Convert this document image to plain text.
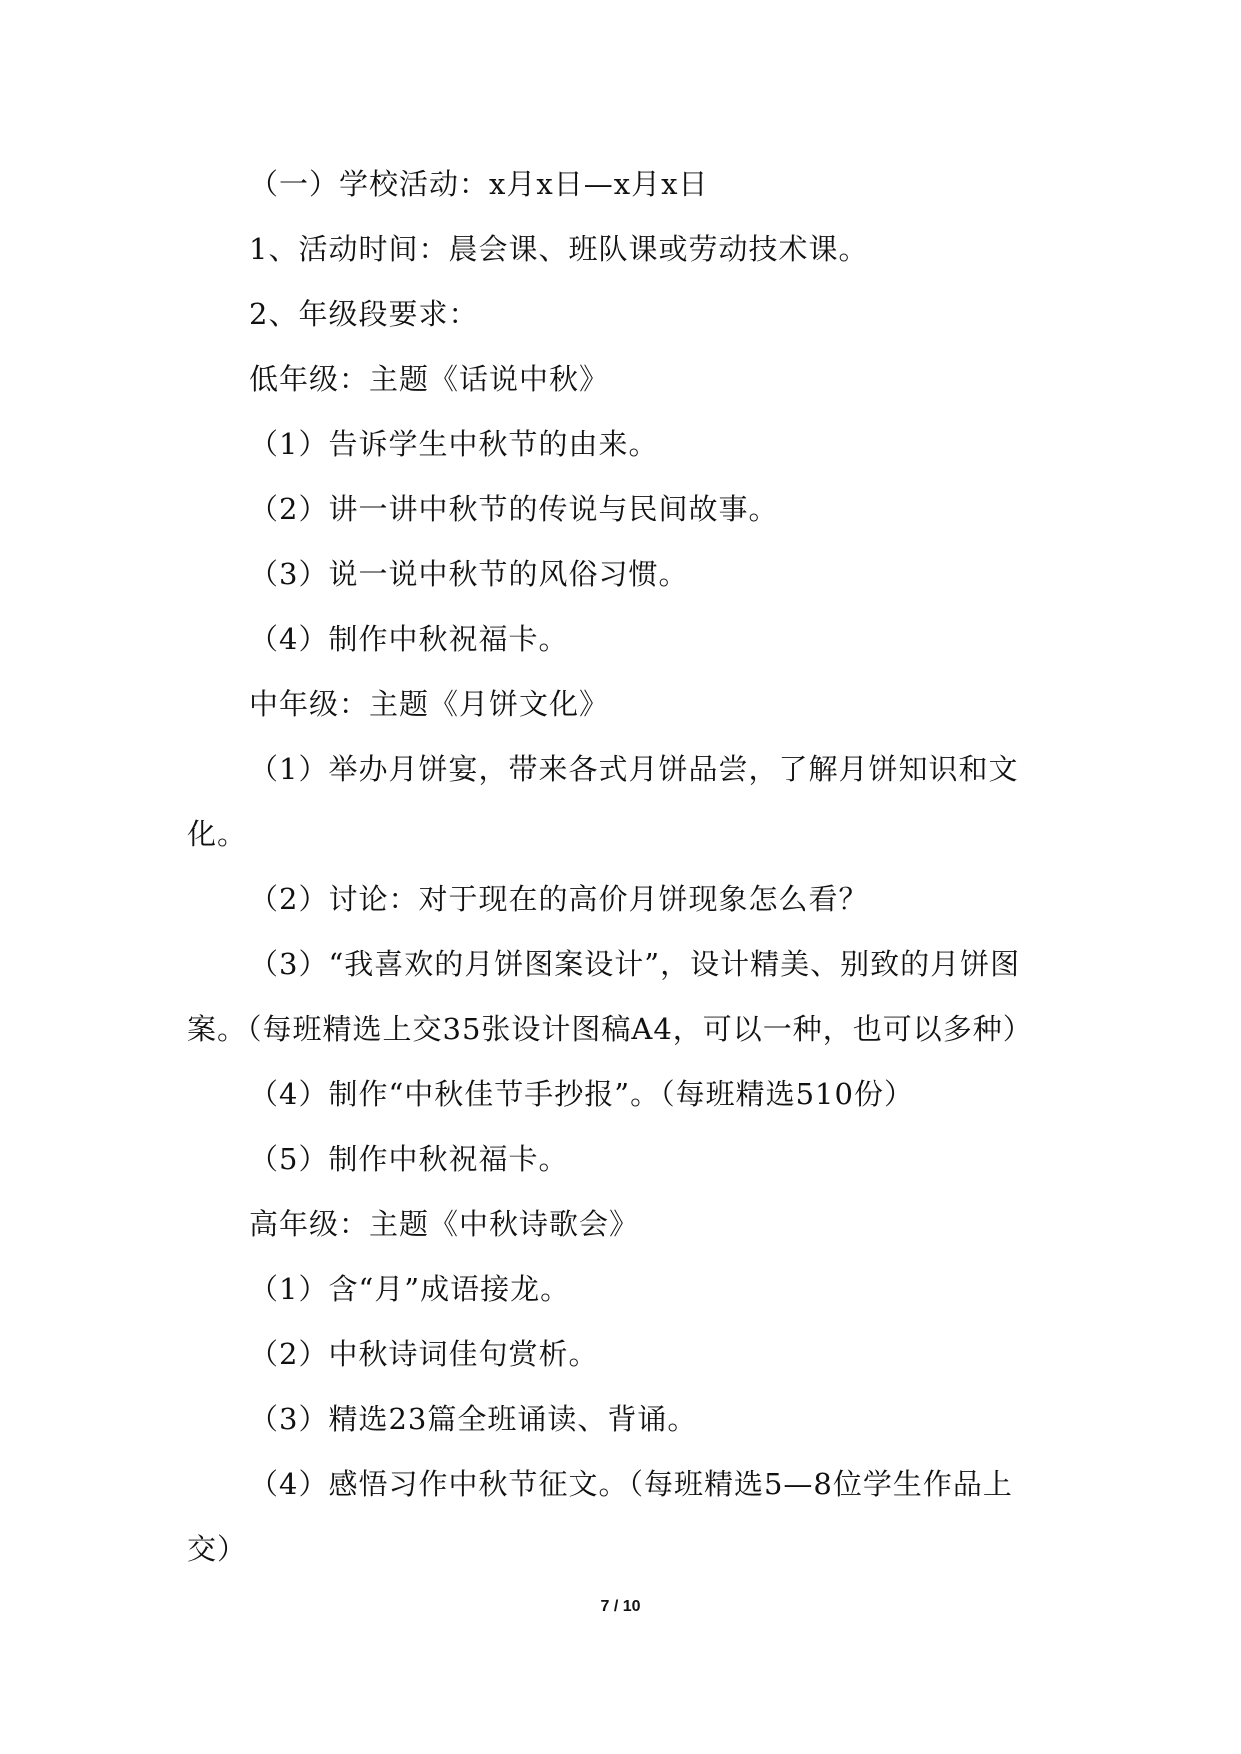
（一）学校活动：x月x日—x月x日
1、活动时间：晨会课、班队课或劳动技术课。
2、年级段要求：
低年级：主题《话说中秋》
（1）告诉学生中秋节的由来。
（2）讲一讲中秋节的传说与民间故事。
（3）说一说中秋节的风俗习惯。
（4）制作中秋祝福卡。
中年级：主题《月饼文化》
（1）举办月饼宴，带来各式月饼品尝，了解月饼知识和文
化。
（2）讨论：对于现在的高价月饼现象怎么看？
（3）“我喜欢的月饼图案设计”，设计精美、别致的月饼图
案。（每班精选上交35张设计图稿A4，可以一种，也可以多种）
（4）制作“中秋佳节手抄报”。（每班精选510份）
（5）制作中秋祝福卡。
高年级：主题《中秋诗歌会》
（1）含“月”成语接龙。
（2）中秋诗词佳句赏析。
（3）精选23篇全班诵读、背诵。
（4）感悟习作中秋节征文。（每班精选5—8位学生作品上
交）
7 / 10
